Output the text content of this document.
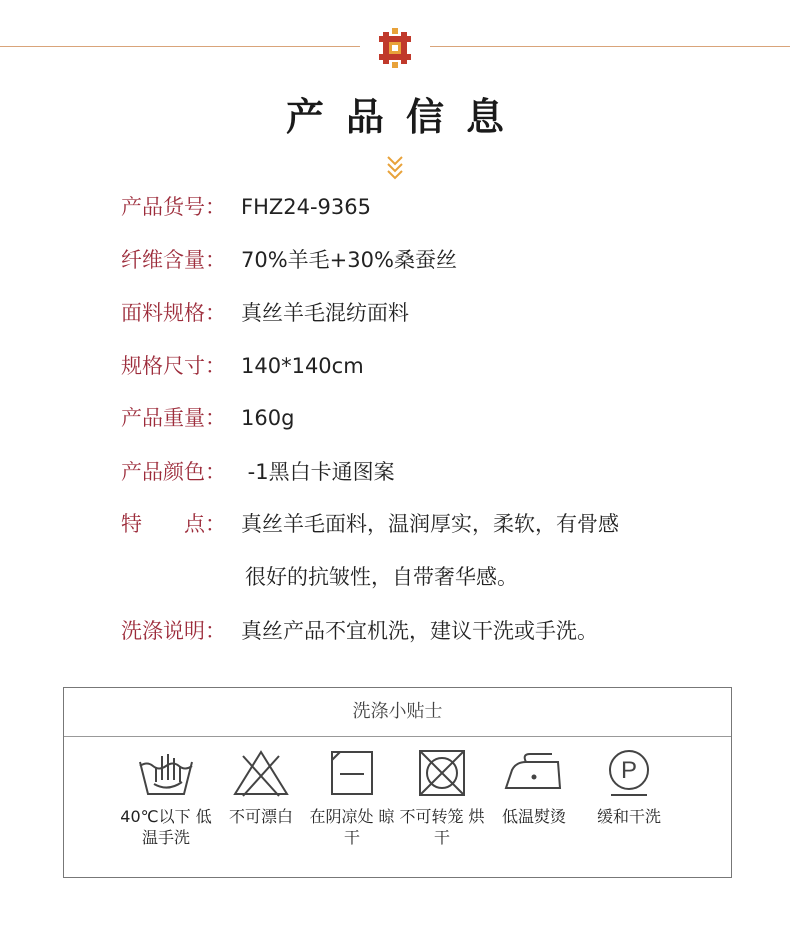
产品信息
产品货号： FHZ24-9365
纤维含量： 70%羊毛+30%桑蚕丝
面料规格： 真丝羊毛混纺面料
规格尺寸： 140*140cm
产品重量： 160g
产品颜色： -1黑白卡通图案
特　　点： 真丝羊毛面料，温润厚实，柔软，有骨感
很好的抗皱性，自带奢华感。
洗涤说明： 真丝产品不宜机洗，建议干洗或手洗。
洗涤小贴士
40℃以下 低温手洗
不可漂白	在阴凉处 晾干
不可转笼 烘干
低温熨烫
P
缓和干洗
